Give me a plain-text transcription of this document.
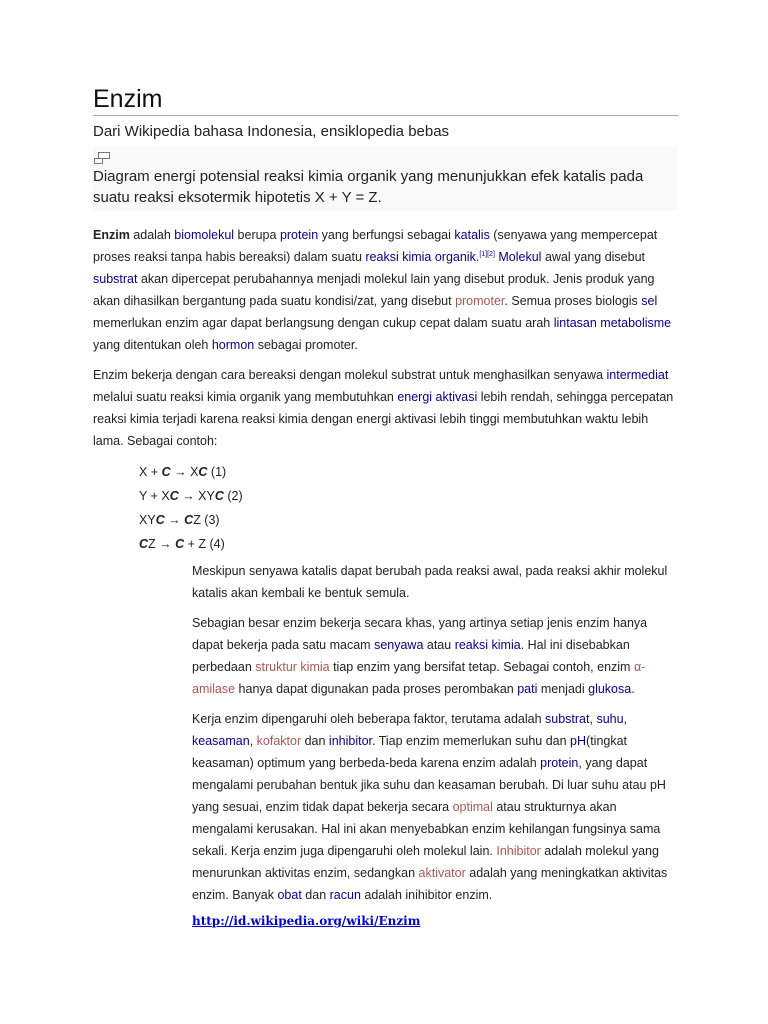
Enzim
Dari Wikipedia bahasa Indonesia, ensiklopedia bebas
Diagram energi potensial reaksi kimia organik yang menunjukkan efek katalis pada suatu reaksi eksotermik hipotetis X + Y = Z.

Enzim adalah biomolekul berupa protein yang berfungsi sebagai katalis (senyawa yang mempercepat proses reaksi tanpa habis bereaksi) dalam suatu reaksi kimia organik.[1][2] Molekul awal yang disebut substrat akan dipercepat perubahannya menjadi molekul lain yang disebut produk. Jenis produk yang akan dihasilkan bergantung pada suatu kondisi/zat, yang disebut promoter. Semua proses biologis sel memerlukan enzim agar dapat berlangsung dengan cukup cepat dalam suatu arah lintasan metabolisme yang ditentukan oleh hormon sebagai promoter.

Enzim bekerja dengan cara bereaksi dengan molekul substrat untuk menghasilkan senyawa intermediat melalui suatu reaksi kimia organik yang membutuhkan energi aktivasi lebih rendah, sehingga percepatan reaksi kimia terjadi karena reaksi kimia dengan energi aktivasi lebih tinggi membutuhkan waktu lebih lama. Sebagai contoh:

X + C → XC (1)
Y + XC → XYC (2)
XYC → CZ (3)
CZ → C + Z (4)

Meskipun senyawa katalis dapat berubah pada reaksi awal, pada reaksi akhir molekul katalis akan kembali ke bentuk semula.

Sebagian besar enzim bekerja secara khas, yang artinya setiap jenis enzim hanya dapat bekerja pada satu macam senyawa atau reaksi kimia. Hal ini disebabkan perbedaan struktur kimia tiap enzim yang bersifat tetap. Sebagai contoh, enzim α-amilase hanya dapat digunakan pada proses perombakan pati menjadi glukosa.

Kerja enzim dipengaruhi oleh beberapa faktor, terutama adalah substrat, suhu, keasaman, kofaktor dan inhibitor. Tiap enzim memerlukan suhu dan pH(tingkat keasaman) optimum yang berbeda-beda karena enzim adalah protein, yang dapat mengalami perubahan bentuk jika suhu dan keasaman berubah. Di luar suhu atau pH yang sesuai, enzim tidak dapat bekerja secara optimal atau strukturnya akan mengalami kerusakan. Hal ini akan menyebabkan enzim kehilangan fungsinya sama sekali. Kerja enzim juga dipengaruhi oleh molekul lain. Inhibitor adalah molekul yang menurunkan aktivitas enzim, sedangkan aktivator adalah yang meningkatkan aktivitas enzim. Banyak obat dan racun adalah inihibitor enzim.

http://id.wikipedia.org/wiki/Enzim
